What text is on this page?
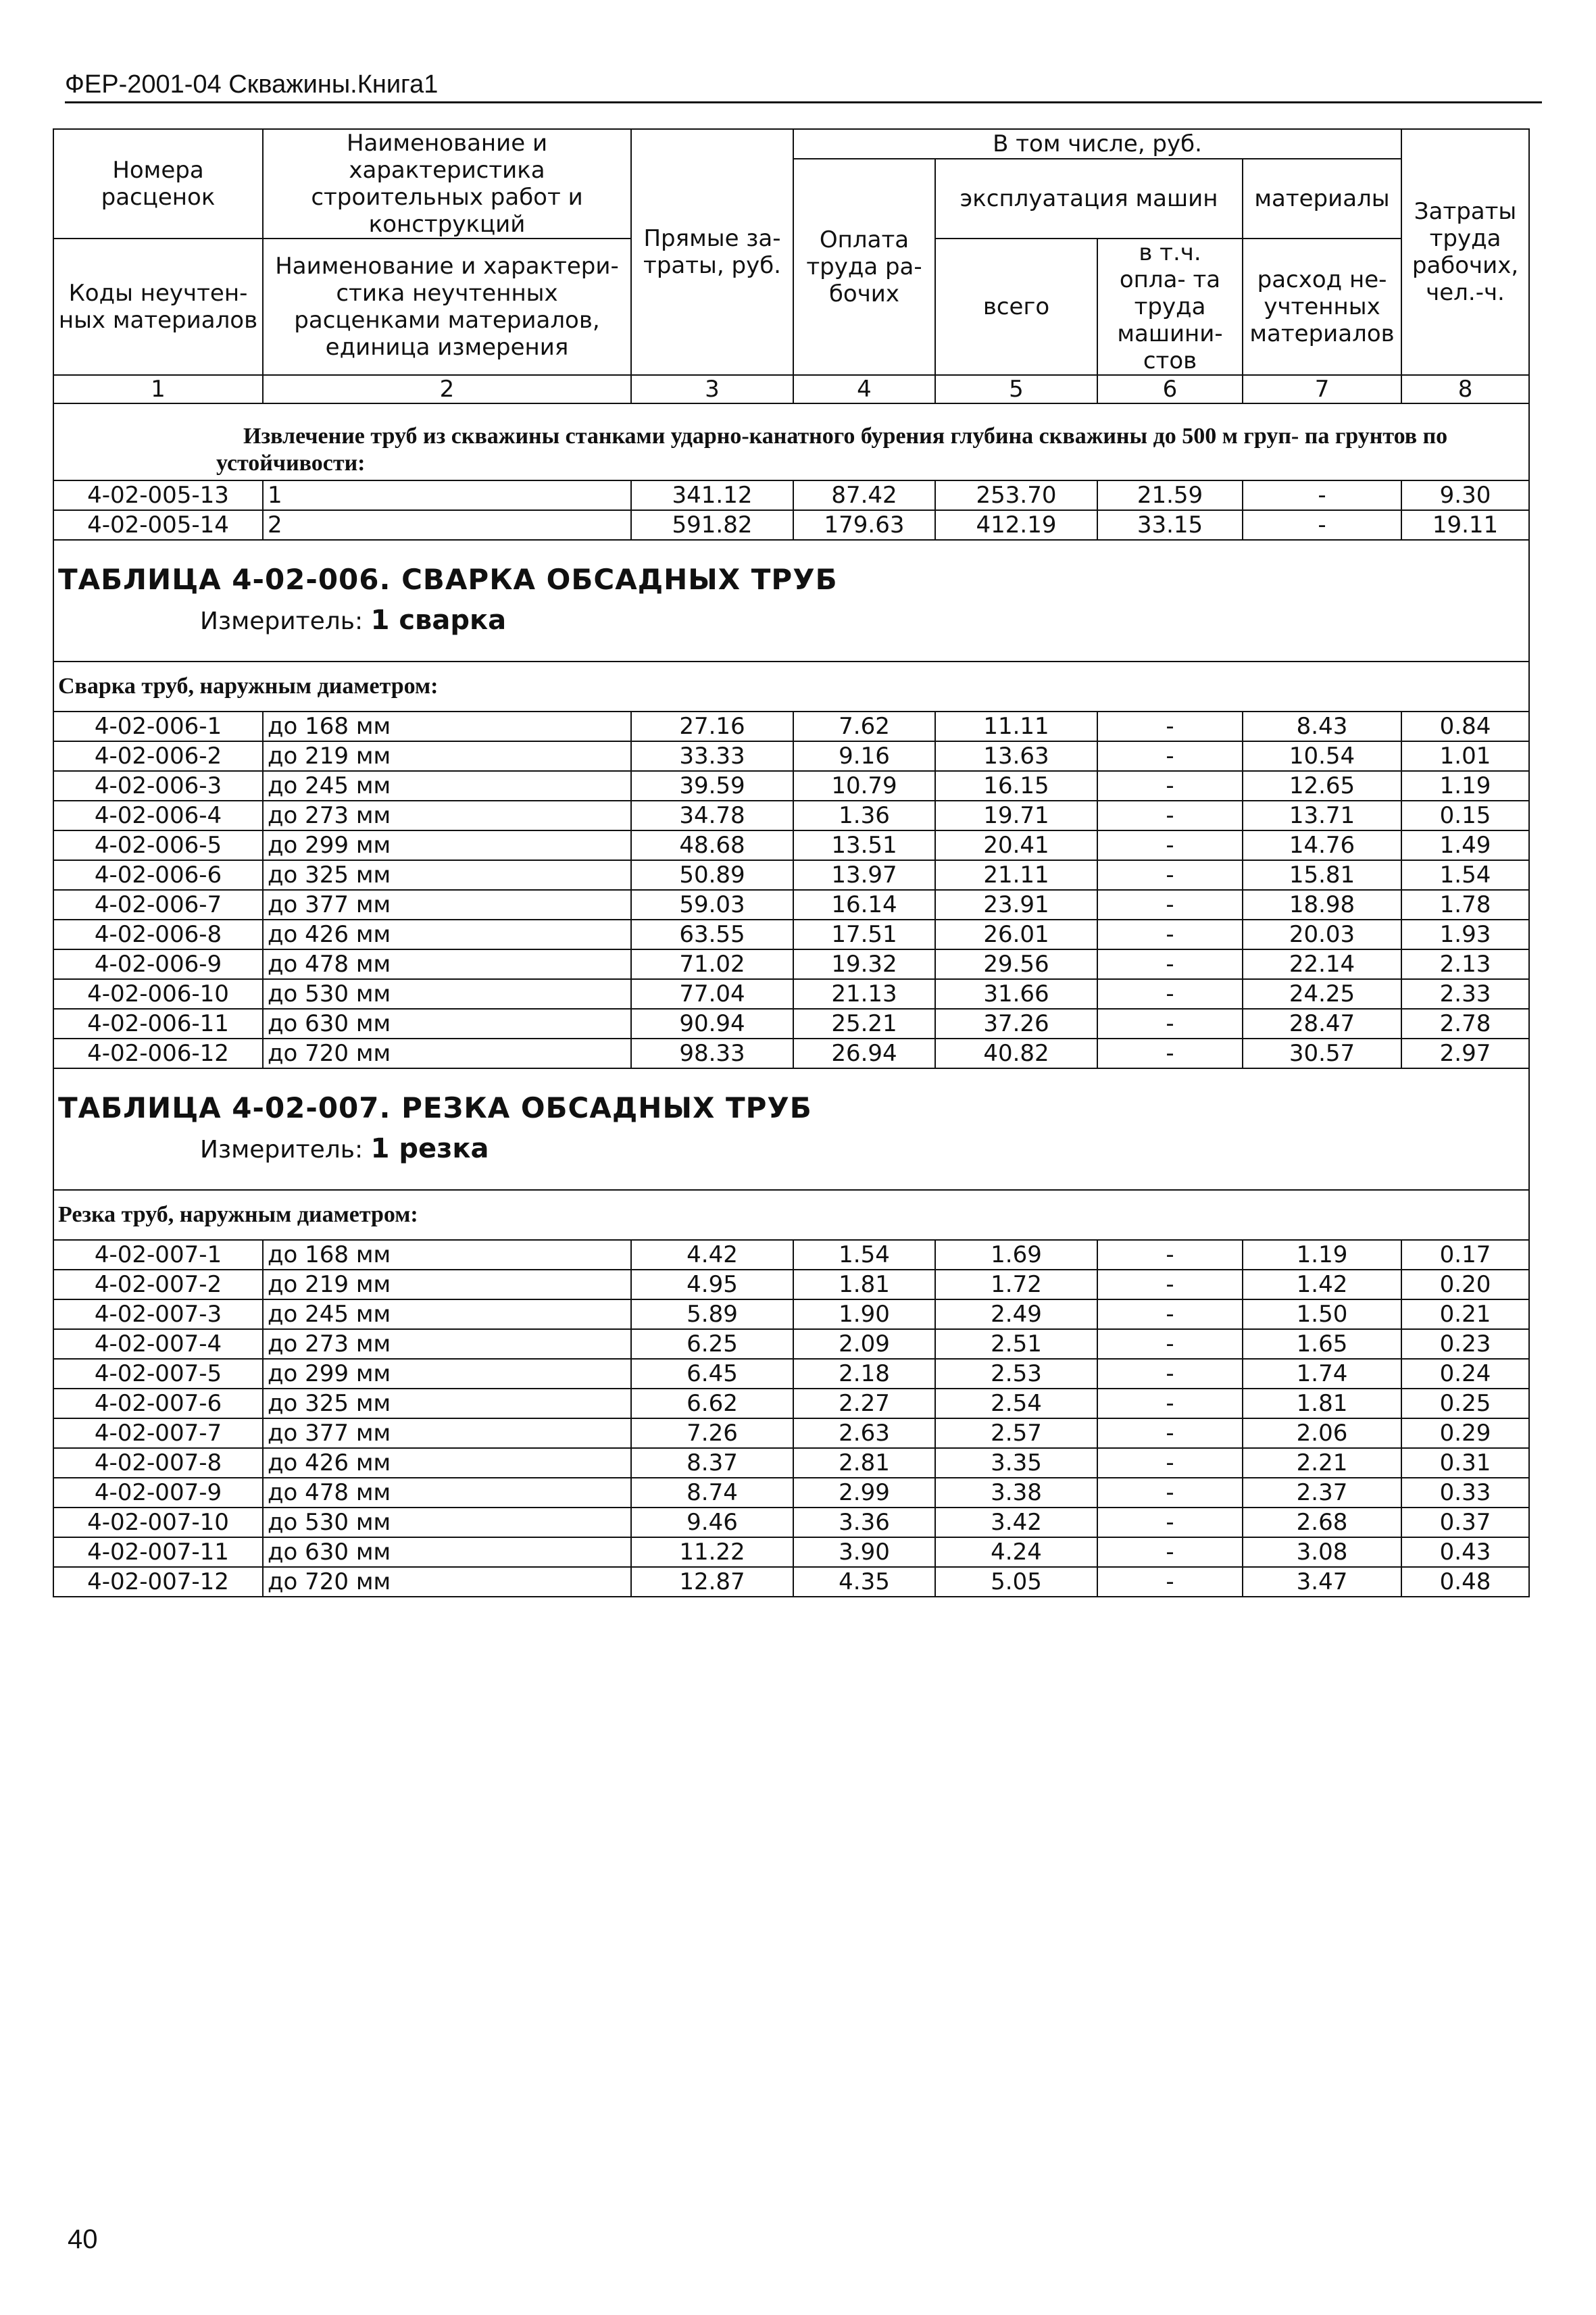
ФЕР-2001-04 Скважины.Книга1
Номера расценок	Наименование и характеристика строительных работ и конструкций	Прямые за- траты, руб.	В том числе, руб.				Затраты труда рабочих, чел.-ч.
			Оплата труда ра- бочих	эксплуатация машин		материалы	
Коды неучтен- ных материалов	Наименование и характери- стика неучтенных расценками материалов, единица измерения			всего	в т.ч. опла- та труда машини- стов	расход не- учтенных материалов	

1	2	3	4	5	6	7	8
Извлечение труб из скважины станками ударно-канатного бурения глубина скважины до 500 м груп- па грунтов по устойчивости:							
4-02-005-13	1	341.12	87.42	253.70	21.59	-	9.30
4-02-005-14	2	591.82	179.63	412.19	33.15	-	19.11

ТАБЛИЦА 4-02-006. СВАРКА ОБСАДНЫХ ТРУБ
Измеритель: 1 сварка							

Сварка труб, наружным диаметром:							
4-02-006-1	до 168 мм	27.16	7.62	11.11	-	8.43	0.84
4-02-006-2	до 219 мм	33.33	9.16	13.63	-	10.54	1.01
4-02-006-3	до 245 мм	39.59	10.79	16.15	-	12.65	1.19
4-02-006-4	до 273 мм	34.78	1.36	19.71	-	13.71	0.15
4-02-006-5	до 299 мм	48.68	13.51	20.41	-	14.76	1.49
4-02-006-6	до 325 мм	50.89	13.97	21.11	-	15.81	1.54
4-02-006-7	до 377 мм	59.03	16.14	23.91	-	18.98	1.78
4-02-006-8	до 426 мм	63.55	17.51	26.01	-	20.03	1.93
4-02-006-9	до 478 мм	71.02	19.32	29.56	-	22.14	2.13
4-02-006-10	до 530 мм	77.04	21.13	31.66	-	24.25	2.33
4-02-006-11	до 630 мм	90.94	25.21	37.26	-	28.47	2.78
4-02-006-12	до 720 мм	98.33	26.94	40.82	-	30.57	2.97

ТАБЛИЦА 4-02-007. РЕЗКА ОБСАДНЫХ ТРУБ
Измеритель: 1 резка							

Резка труб, наружным диаметром:							
4-02-007-1	до 168 мм	4.42	1.54	1.69	-	1.19	0.17
4-02-007-2	до 219 мм	4.95	1.81	1.72	-	1.42	0.20
4-02-007-3	до 245 мм	5.89	1.90	2.49	-	1.50	0.21
4-02-007-4	до 273 мм	6.25	2.09	2.51	-	1.65	0.23
4-02-007-5	до 299 мм	6.45	2.18	2.53	-	1.74	0.24
4-02-007-6	до 325 мм	6.62	2.27	2.54	-	1.81	0.25
4-02-007-7	до 377 мм	7.26	2.63	2.57	-	2.06	0.29
4-02-007-8	до 426 мм	8.37	2.81	3.35	-	2.21	0.31
4-02-007-9	до 478 мм	8.74	2.99	3.38	-	2.37	0.33
4-02-007-10	до 530 мм	9.46	3.36	3.42	-	2.68	0.37
4-02-007-11	до 630 мм	11.22	3.90	4.24	-	3.08	0.43
4-02-007-12	до 720 мм	12.87	4.35	5.05	-	3.47	0.48
40
